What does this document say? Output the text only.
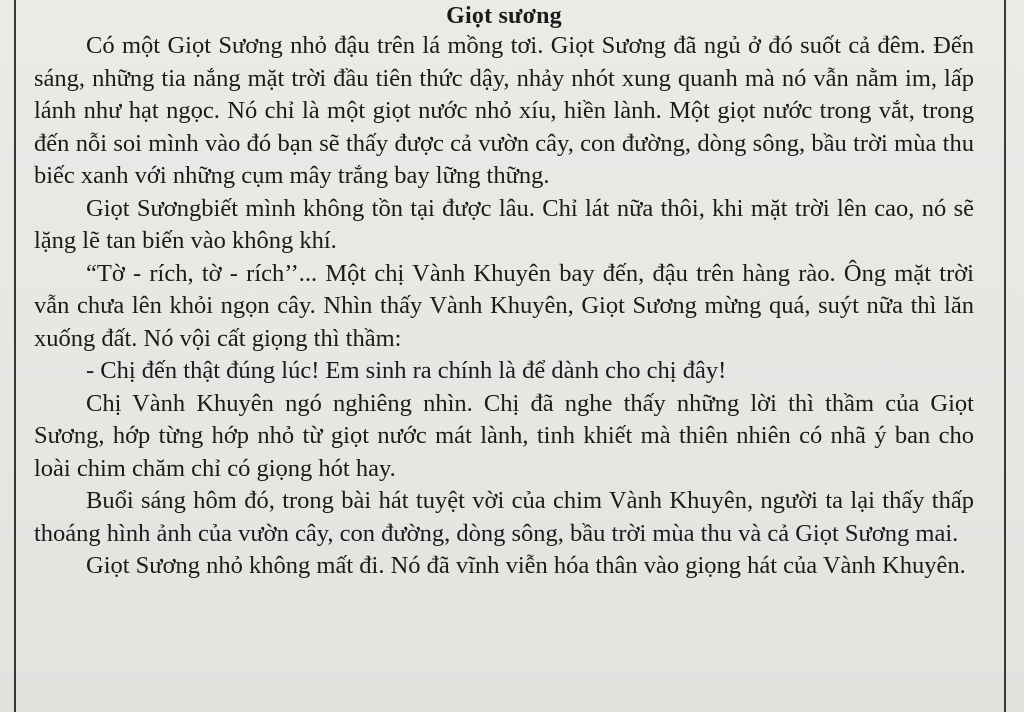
Giọt sương

Có một Giọt Sương nhỏ đậu trên lá mồng tơi. Giọt Sương đã ngủ ở đó suốt cả đêm. Đến sáng, những tia nắng mặt trời đầu tiên thức dậy, nhảy nhót xung quanh mà nó vẫn nằm im, lấp lánh như hạt ngọc. Nó chỉ là một giọt nước nhỏ xíu, hiền lành. Một giọt nước trong vắt, trong đến nỗi soi mình vào đó bạn sẽ thấy được cả vườn cây, con đường, dòng sông, bầu trời mùa thu biếc xanh với những cụm mây trắng bay lững thững.

Giọt Sươngbiết mình không tồn tại được lâu. Chỉ lát nữa thôi, khi mặt trời lên cao, nó sẽ lặng lẽ tan biến vào không khí.

“Tờ - rích, tờ - rích’’... Một chị Vành Khuyên bay đến, đậu trên hàng rào. Ông mặt trời vẫn chưa lên khỏi ngọn cây. Nhìn thấy Vành Khuyên, Giọt Sương mừng quá, suýt nữa thì lăn xuống đất. Nó vội cất giọng thì thầm:

- Chị đến thật đúng lúc! Em sinh ra chính là để dành cho chị đây!

Chị Vành Khuyên ngó nghiêng nhìn. Chị đã nghe thấy những lời thì thầm của Giọt Sương, hớp từng hớp nhỏ từ giọt nước mát lành, tinh khiết mà thiên nhiên có nhã ý ban cho loài chim chăm chỉ có giọng hót hay.

Buổi sáng hôm đó, trong bài hát tuyệt vời của chim Vành Khuyên, người ta lại thấy thấp thoáng hình ảnh của vườn cây, con đường, dòng sông, bầu trời mùa thu và cả Giọt Sương mai.

Giọt Sương nhỏ không mất đi. Nó đã vĩnh viễn hóa thân vào giọng hát của Vành Khuyên.
